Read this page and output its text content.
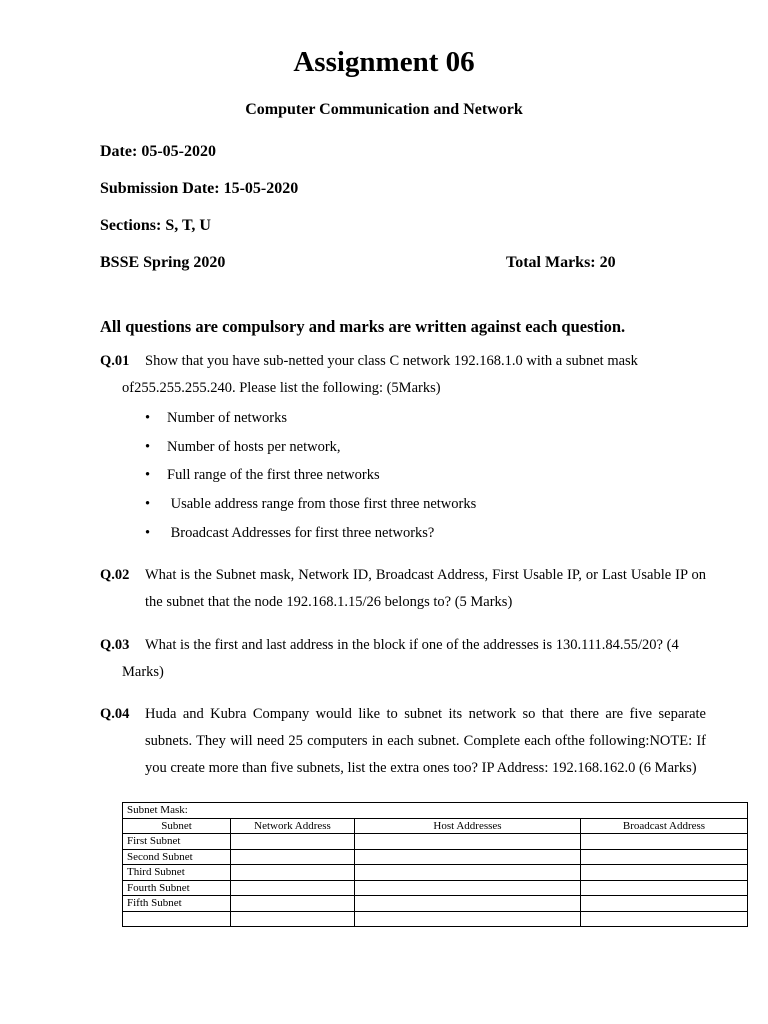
Assignment 06
Computer Communication and Network
Date: 05-05-2020
Submission Date: 15-05-2020
Sections: S, T, U
BSSE Spring 2020	Total Marks: 20
All questions are compulsory and marks are written against each question.
Q.01 Show that you have sub-netted your class C network 192.168.1.0 with a subnet mask
of255.255.255.240. Please list the following: (5Marks)
• Number of networks
• Number of hosts per network,
• Full range of the first three networks
• Usable address range from those first three networks
• Broadcast Addresses for first three networks?
Q.02	What is the Subnet mask, Network ID, Broadcast Address, First Usable IP, or Last Usable IP on the subnet that the node 192.168.1.15/26 belongs to? (5 Marks)
Q.03 What is the first and last address in the block if one of the addresses is 130.111.84.55/20? (4
Marks)
Q.04	Huda and Kubra Company would like to subnet its network so that there are five separate subnets. They will need 25 computers in each subnet. Complete each ofthe following:NOTE: If you create more than five subnets, list the extra ones too? IP Address: 192.168.162.0 (6 Marks)
Subnet Mask:			
Subnet	Network Address	Host Addresses	Broadcast Address
First Subnet			
Second Subnet			
Third Subnet			
Fourth Subnet			
Fifth Subnet			
